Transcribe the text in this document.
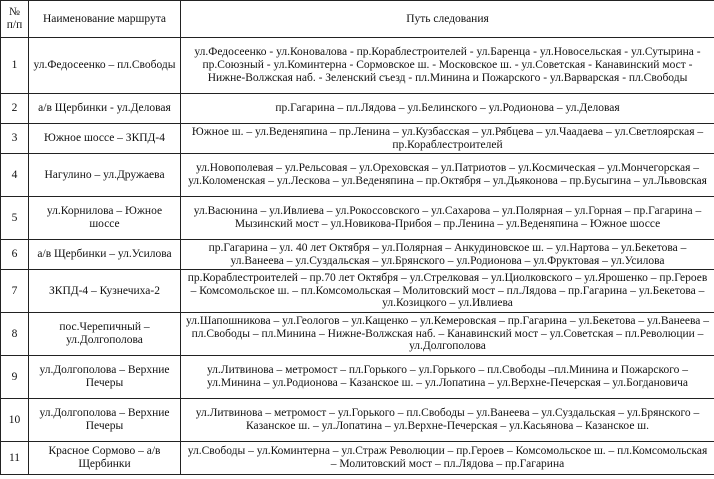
№ п/п	Наименование маршрута	Путь следования
1	ул.Федосеенко – пл.Свободы	ул.Федосеенко - ул.Коновалова - пр.Кораблестроителей - ул.Баренца - ул.Новосельская - ул.Сутырина - пр.Союзный - ул.Коминтерна - Сормовское ш. - Московское ш. - ул.Советская - Канавинский мост - Нижне-Волжская наб. - Зеленский съезд - пл.Минина и Пожарского - ул.Варварская - пл.Свободы
2	а/в Щербинки - ул.Деловая	пр.Гагарина – пл.Лядова – ул.Белинского – ул.Родионова – ул.Деловая
3	Южное шоссе – ЗКПД-4	Южное ш. – ул.Веденяпина – пр.Ленина – ул.Кузбасская – ул.Рябцева – ул.Чаадаева – ул.Светлоярская – пр.Кораблестроителей
4	Нагулино – ул.Дружаева	ул.Новополевая – ул.Рельсовая – ул.Ореховская – ул.Патриотов – ул.Космическая – ул.Мончегорская – ул.Коломенская – ул.Лескова – ул.Веденяпина – пр.Октября – ул.Дьяконова – пр.Бусыгина – ул.Львовская
5	ул.Корнилова – Южное шоссе	ул.Васюнина – ул.Ивлиева – ул.Рокоссовского – ул.Сахарова – ул.Полярная – ул.Горная – пр.Гагарина – Мызинский мост – ул.Новикова-Прибоя – пр.Ленина – ул.Веденяпина – Южное шоссе
6	а/в Щербинки – ул.Усилова	пр.Гагарина – ул. 40 лет Октября – ул.Полярная – Анкудиновское ш. – ул.Нартова – ул.Бекетова – ул.Ванеева – ул.Суздальская – ул.Брянского – ул.Родионова – ул.Фруктовая – ул.Усилова
7	ЗКПД-4 – Кузнечиха-2	пр.Кораблестроителей – пр.70 лет Октября – ул.Стрелковая – ул.Циолковского – ул.Ярошенко – пр.Героев – Комсомольское ш. – пл.Комсомольская – Молитовский мост – пл.Лядова – пр.Гагарина – ул.Бекетова – ул.Козицкого – ул.Ивлиева
8	пос.Черепичный – ул.Долгополова	ул.Шапошникова – ул.Геологов – ул.Кащенко – ул.Кемеровская – пр.Гагарина – ул.Бекетова – ул.Ванеева – пл.Свободы – пл.Минина – Нижне-Волжская наб. – Канавинский мост – ул.Советская – пл.Революции – ул.Долгополова
9	ул.Долгополова – Верхние Печеры	ул.Литвинова – метромост – пл.Горького – ул.Горького – пл.Свободы –пл.Минина и Пожарского – ул.Минина – ул.Родионова – Казанское ш. – ул.Лопатина – ул.Верхне-Печерская – ул.Богдановича
10	ул.Долгополова – Верхние Печеры	ул.Литвинова – метромост – ул.Горького – пл.Свободы – ул.Ванеева – ул.Суздальская – ул.Брянского – Казанское ш. – ул.Лопатина – ул.Верхне-Печерская – ул.Касьянова – Казанское ш.
11	Красное Сормово – а/в Щербинки	ул.Свободы – ул.Коминтерна – ул.Страж Революции – пр.Героев – Комсомольское ш. – пл.Комсомольская – Молитовский мост – пл.Лядова – пр.Гагарина
